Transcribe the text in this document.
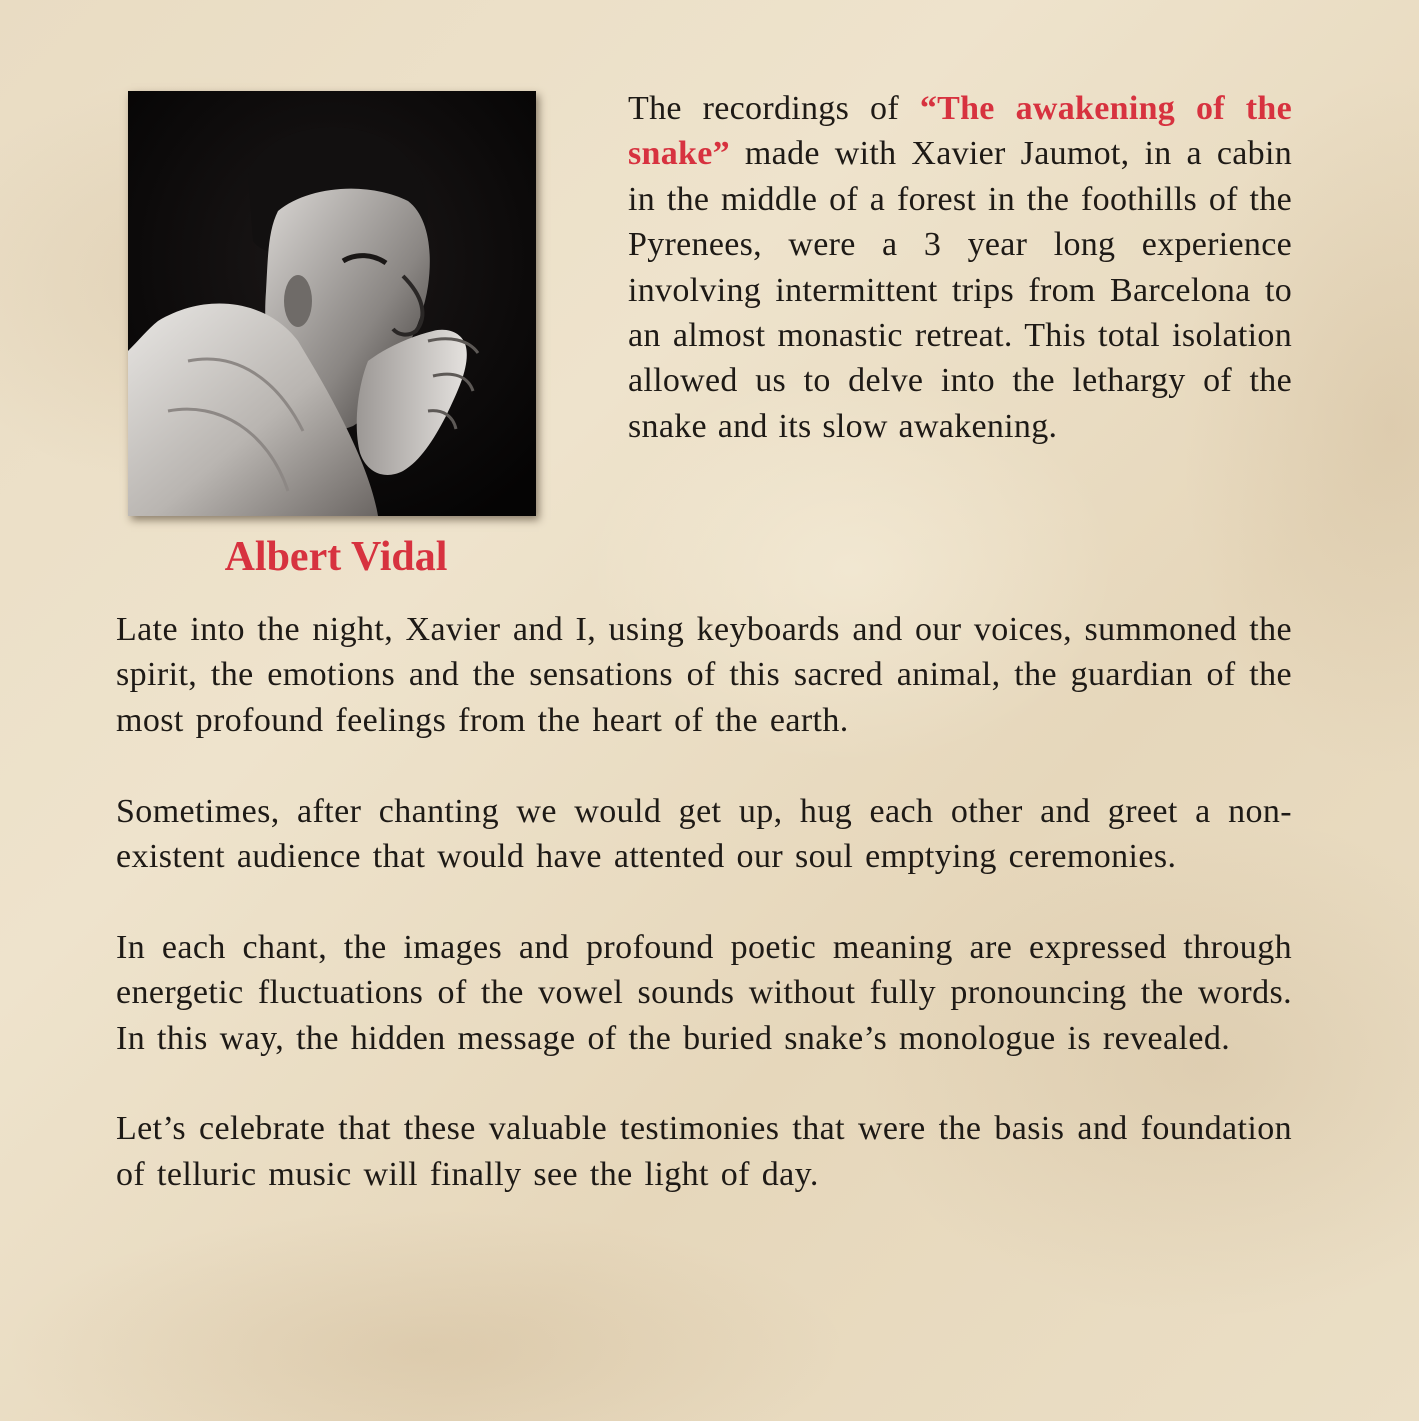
Albert Vidal
The recordings of “The awakening of the snake” made with Xavier Jaumot, in a cabin in the middle of a forest in the foothills of the Pyrenees, were a 3 year long experience involving intermittent trips from Barcelona to an almost monastic retreat. This total isolation allowed us to delve into the lethargy of the snake and its slow awakening.

Late into the night, Xavier and I, using keyboards and our voices, summoned the spirit, the emotions and the sensations of this sacred animal, the guardian of the most profound feelings from the heart of the earth.

Sometimes, after chanting we would get up, hug each other and greet a non-existent audience that would have attented our soul emptying ceremonies.

In each chant, the images and profound poetic meaning are expressed through energetic fluctuations of the vowel sounds without fully pronouncing the words. In this way, the hidden message of the buried snake’s monologue is revealed.

Let’s celebrate that these valuable testimonies that were the basis and foundation of telluric music will finally see the light of day.
